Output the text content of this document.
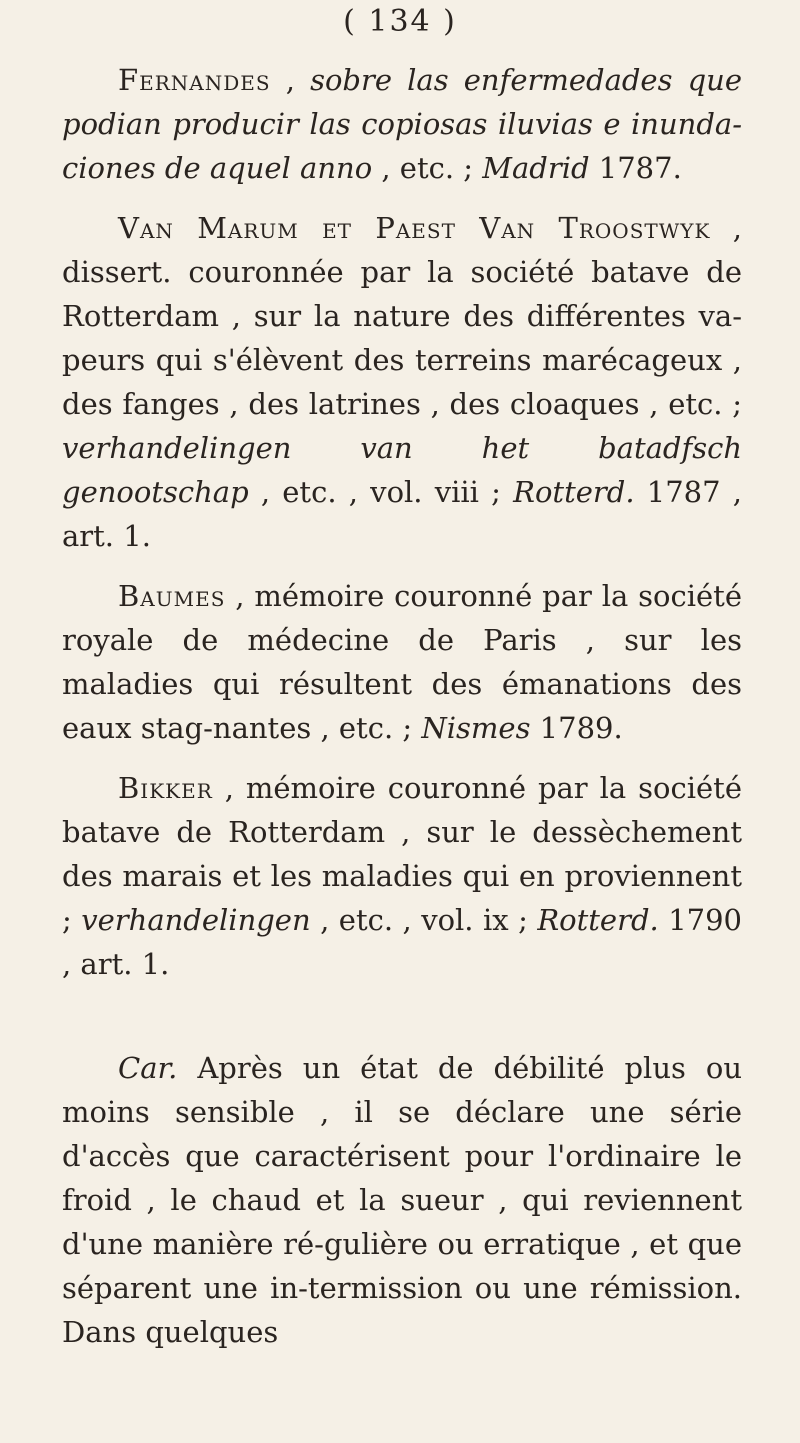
( 134 )

Fernandes , sobre las enfermedades que podian producir las copiosas iluvias e inunda-ciones de aquel anno , etc. ; Madrid 1787.

Van Marum et Paest Van Troostwyk , dissert. couronnée par la société batave de Rotterdam , sur la nature des différentes va-peurs qui s'élèvent des terreins marécageux , des fanges , des latrines , des cloaques , etc. ; verhandelingen van het batadfsch genootschap , etc. , vol. viii ; Rotterd. 1787 , art. 1.

Baumes , mémoire couronné par la société royale de médecine de Paris , sur les maladies qui résultent des émanations des eaux stag-nantes , etc. ; Nismes 1789.

Bikker , mémoire couronné par la société batave de Rotterdam , sur le dessèchement des marais et les maladies qui en proviennent ; verhandelingen , etc. , vol. ix ; Rotterd. 1790 , art. 1.

Car. Après un état de débilité plus ou moins sensible , il se déclare une série d'accès que caractérisent pour l'ordinaire le froid , le chaud et la sueur , qui reviennent d'une manière ré-gulière ou erratique , et que séparent une in-termission ou une rémission. Dans quelques
